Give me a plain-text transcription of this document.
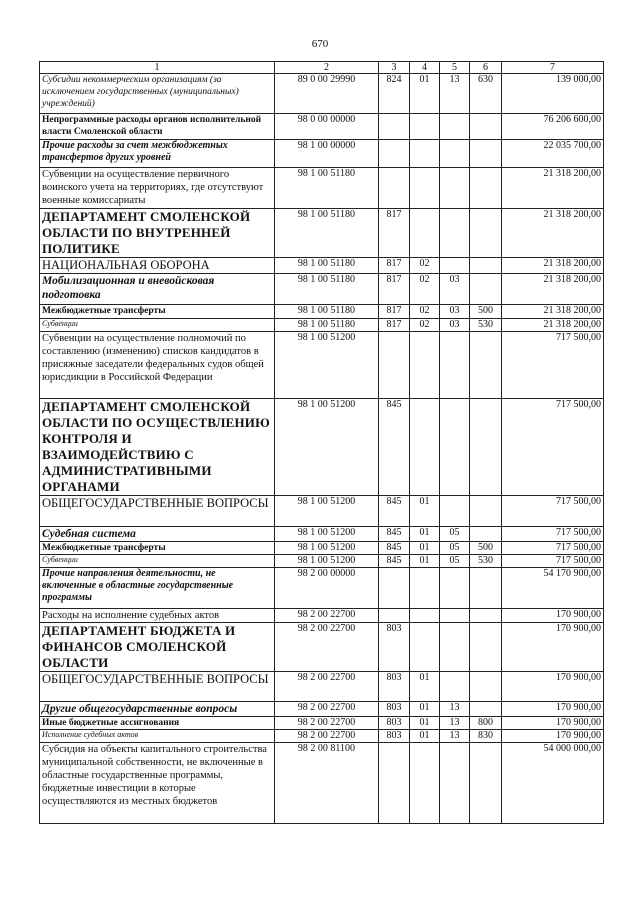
670
1	2	3	4	5	6	7
Субсидии некоммерческим организациям (за исключением государственных (муниципальных) учреждений)	89 0 00 29990	824	01	13	630	139 000,00
Непрограммные расходы органов исполнительной власти Смоленской области	98 0 00 00000					76 206 600,00
Прочие расходы за счет межбюджетных трансфертов других уровней	98 1 00 00000					22 035 700,00
Субвенции на осуществление первичного воинского учета на территориях, где отсутствуют военные комиссариаты	98 1 00 51180					21 318 200,00
ДЕПАРТАМЕНТ СМОЛЕНСКОЙ ОБЛАСТИ ПО ВНУТРЕННЕЙ ПОЛИТИКЕ	98 1 00 51180	817				21 318 200,00
НАЦИОНАЛЬНАЯ ОБОРОНА	98 1 00 51180	817	02			21 318 200,00
Мобилизационная и вневойсковая подготовка	98 1 00 51180	817	02	03		21 318 200,00
Межбюджетные трансферты	98 1 00 51180	817	02	03	500	21 318 200,00
Субвенции	98 1 00 51180	817	02	03	530	21 318 200,00
Субвенции на осуществление полномочий по составлению (изменению) списков кандидатов в присяжные заседатели федеральных судов общей юрисдикции в Российской Федерации	98 1 00 51200					717 500,00
ДЕПАРТАМЕНТ СМОЛЕНСКОЙ ОБЛАСТИ ПО ОСУЩЕСТВЛЕНИЮ КОНТРОЛЯ И ВЗАИМОДЕЙСТВИЮ С АДМИНИСТРАТИВНЫМИ ОРГАНАМИ	98 1 00 51200	845				717 500,00
ОБЩЕГОСУДАРСТВЕННЫЕ ВОПРОСЫ	98 1 00 51200	845	01			717 500,00
Судебная система	98 1 00 51200	845	01	05		717 500,00
Межбюджетные трансферты	98 1 00 51200	845	01	05	500	717 500,00
Субвенции	98 1 00 51200	845	01	05	530	717 500,00
Прочие направления деятельности, не включенные в областные государственные программы	98 2 00 00000					54 170 900,00
Расходы на исполнение судебных актов	98 2 00 22700					170 900,00
ДЕПАРТАМЕНТ БЮДЖЕТА И ФИНАНСОВ СМОЛЕНСКОЙ ОБЛАСТИ	98 2 00 22700	803				170 900,00
ОБЩЕГОСУДАРСТВЕННЫЕ ВОПРОСЫ	98 2 00 22700	803	01			170 900,00
Другие общегосударственные вопросы	98 2 00 22700	803	01	13		170 900,00
Иные бюджетные ассигнования	98 2 00 22700	803	01	13	800	170 900,00
Исполнение судебных актов	98 2 00 22700	803	01	13	830	170 900,00
Субсидия на объекты капитального строительства муниципальной собственности, не включенные в областные государственные программы, бюджетные инвестиции в которые осуществляются из местных бюджетов	98 2 00 81100					54 000 000,00
